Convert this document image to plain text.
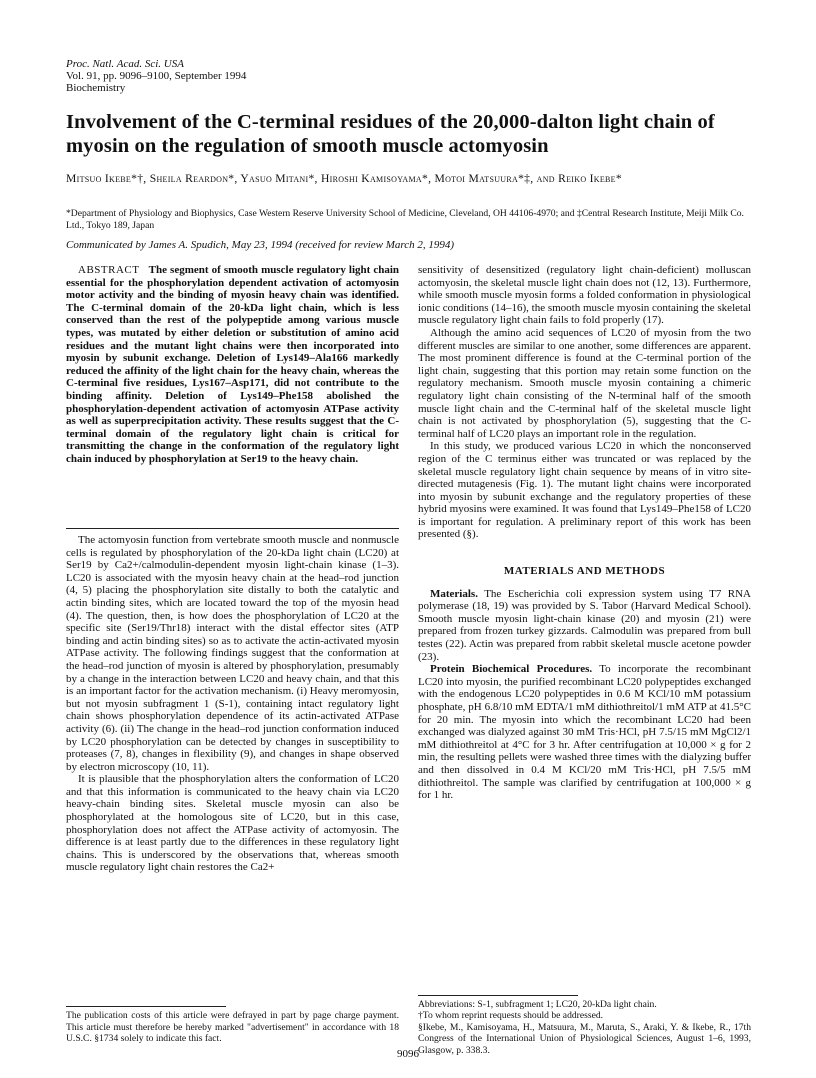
Proc. Natl. Acad. Sci. USA
Vol. 91, pp. 9096–9100, September 1994
Biochemistry
Involvement of the C-terminal residues of the 20,000-dalton light chain of myosin on the regulation of smooth muscle actomyosin
Mitsuo Ikebe*†, Sheila Reardon*, Yasuo Mitani*, Hiroshi Kamisoyama*, Motoi Matsuura*‡, and Reiko Ikebe*
*Department of Physiology and Biophysics, Case Western Reserve University School of Medicine, Cleveland, OH 44106-4970; and ‡Central Research Institute, Meiji Milk Co. Ltd., Tokyo 189, Japan
Communicated by James A. Spudich, May 23, 1994 (received for review March 2, 1994)
ABSTRACT The segment of smooth muscle regulatory light chain essential for the phosphorylation dependent activation of actomyosin motor activity and the binding of myosin heavy chain was identified. The C-terminal domain of the 20-kDa light chain, which is less conserved than the rest of the polypeptide among various muscle types, was mutated by either deletion or substitution of amino acid residues and the mutant light chains were then incorporated into myosin by subunit exchange. Deletion of Lys149–Ala166 markedly reduced the affinity of the light chain for the heavy chain, whereas the C-terminal five residues, Lys167–Asp171, did not contribute to the binding affinity. Deletion of Lys149–Phe158 abolished the phosphorylation-dependent activation of actomyosin ATPase activity as well as superprecipitation activity. These results suggest that the C-terminal domain of the regulatory light chain is critical for transmitting the change in the conformation of the regulatory light chain induced by phosphorylation at Ser19 to the heavy chain.

The actomyosin function from vertebrate smooth muscle and nonmuscle cells is regulated by phosphorylation of the 20-kDa light chain (LC20) at Ser19 by Ca2+/calmodulin-dependent myosin light-chain kinase (1–3). LC20 is associated with the myosin heavy chain at the head–rod junction (4, 5) placing the phosphorylation site distally to both the catalytic and actin binding sites, which are located toward the top of the myosin head (4). The question, then, is how does the phosphorylation of LC20 at the specific site (Ser19/Thr18) interact with the distal effector sites (ATP binding and actin binding sites) so as to activate the actin-activated myosin ATPase activity. The following findings suggest that the conformation at the head–rod junction of myosin is altered by phosphorylation, presumably by a change in the interaction between LC20 and heavy chain, and that this is an important factor for the activation mechanism. (i) Heavy meromyosin, but not myosin subfragment 1 (S-1), containing intact regulatory light chain shows phosphorylation dependence of its actin-activated ATPase activity (6). (ii) The change in the head–rod junction conformation induced by LC20 phosphorylation can be detected by changes in susceptibility to proteases (7, 8), changes in flexibility (9), and changes in shape observed by electron microscopy (10, 11).

It is plausible that the phosphorylation alters the conformation of LC20 and that this information is communicated to the heavy chain via LC20 heavy-chain binding sites. Skeletal muscle myosin can also be phosphorylated at the homologous site of LC20, but in this case, phosphorylation does not affect the ATPase activity of actomyosin. The difference is at least partly due to the differences in these regulatory light chains. This is underscored by the observations that, whereas smooth muscle regulatory light chain restores the Ca2+

The publication costs of this article were defrayed in part by page charge payment. This article must therefore be hereby marked "advertisement" in accordance with 18 U.S.C. §1734 solely to indicate this fact.

sensitivity of desensitized (regulatory light chain-deficient) molluscan actomyosin, the skeletal muscle light chain does not (12, 13). Furthermore, while smooth muscle myosin forms a folded conformation in physiological ionic conditions (14–16), the smooth muscle myosin containing the skeletal muscle regulatory light chain fails to fold properly (17).

Although the amino acid sequences of LC20 of myosin from the two different muscles are similar to one another, some differences are apparent. The most prominent difference is found at the C-terminal portion of the light chain, suggesting that this portion may retain some function on the regulatory mechanism. Smooth muscle myosin containing a chimeric regulatory light chain consisting of the N-terminal half of the smooth muscle light chain and the C-terminal half of the skeletal muscle light chain is not activated by phosphorylation (5), suggesting that the C-terminal half of LC20 plays an important role in the regulation.

In this study, we produced various LC20 in which the nonconserved region of the C terminus either was truncated or was replaced by the skeletal muscle regulatory light chain sequence by means of in vitro site-directed mutagenesis (Fig. 1). The mutant light chains were incorporated into myosin by subunit exchange and the regulatory properties of these hybrid myosins were examined. It was found that Lys149–Phe158 of LC20 is important for regulation. A preliminary report of this work has been presented (§).

MATERIALS AND METHODS

Materials. The Escherichia coli expression system using T7 RNA polymerase (18, 19) was provided by S. Tabor (Harvard Medical School). Smooth muscle myosin light-chain kinase (20) and myosin (21) were prepared from frozen turkey gizzards. Calmodulin was prepared from bull testes (22). Actin was prepared from rabbit skeletal muscle acetone powder (23).

Protein Biochemical Procedures. To incorporate the recombinant LC20 into myosin, the purified recombinant LC20 polypeptides exchanged with the endogenous LC20 polypeptides in 0.6 M KCl/10 mM potassium phosphate, pH 6.8/10 mM EDTA/1 mM dithiothreitol/1 mM ATP at 41.5°C for 20 min. The myosin into which the recombinant LC20 had been exchanged was dialyzed against 30 mM Tris·HCl, pH 7.5/15 mM MgCl2/1 mM dithiothreitol at 4°C for 3 hr. After centrifugation at 10,000 × g for 2 min, the resulting pellets were washed three times with the dialyzing buffer and then dissolved in 0.4 M KCl/20 mM Tris·HCl, pH 7.5/5 mM dithiothreitol. The sample was clarified by centrifugation at 100,000 × g for 1 hr.

Abbreviations: S-1, subfragment 1; LC20, 20-kDa light chain.
†To whom reprint requests should be addressed.
§Ikebe, M., Kamisoyama, H., Matsuura, M., Maruta, S., Araki, Y. & Ikebe, R., 17th Congress of the International Union of Physiological Sciences, August 1–6, 1993, Glasgow, p. 338.3.
9096
